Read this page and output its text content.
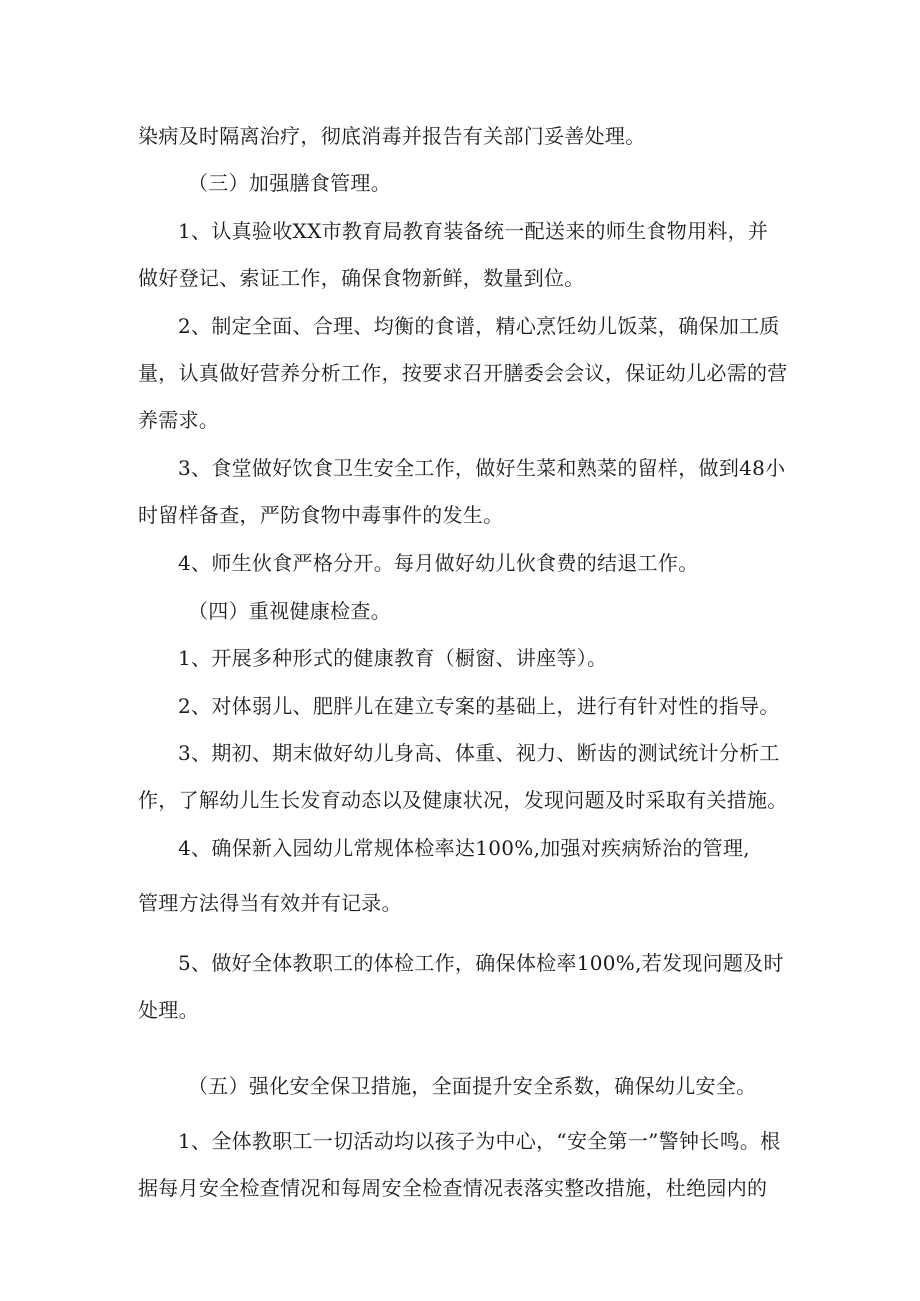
染病及时隔离治疗，彻底消毒并报告有关部门妥善处理。

（三）加强膳食管理。

1、认真验收XX市教育局教育装备统一配送来的师生食物用料，并做好登记、索证工作，确保食物新鲜，数量到位。

2、制定全面、合理、均衡的食谱，精心烹饪幼儿饭菜，确保加工质量，认真做好营养分析工作，按要求召开膳委会会议，保证幼儿必需的营养需求。

3、食堂做好饮食卫生安全工作，做好生菜和熟菜的留样，做到48小时留样备查，严防食物中毒事件的发生。

4、师生伙食严格分开。每月做好幼儿伙食费的结退工作。

（四）重视健康检查。

1、开展多种形式的健康教育（橱窗、讲座等）。

2、对体弱儿、肥胖儿在建立专案的基础上，进行有针对性的指导。

3、期初、期末做好幼儿身高、体重、视力、断齿的测试统计分析工作，了解幼儿生长发育动态以及健康状况，发现问题及时采取有关措施。

4、确保新入园幼儿常规体检率达100%,加强对疾病矫治的管理,

管理方法得当有效并有记录。

5、做好全体教职工的体检工作，确保体检率100%,若发现问题及时处理。

（五）强化安全保卫措施，全面提升安全系数，确保幼儿安全。

1、全体教职工一切活动均以孩子为中心，“安全第一”警钟长鸣。根据每月安全检查情况和每周安全检查情况表落实整改措施，杜绝园内的
